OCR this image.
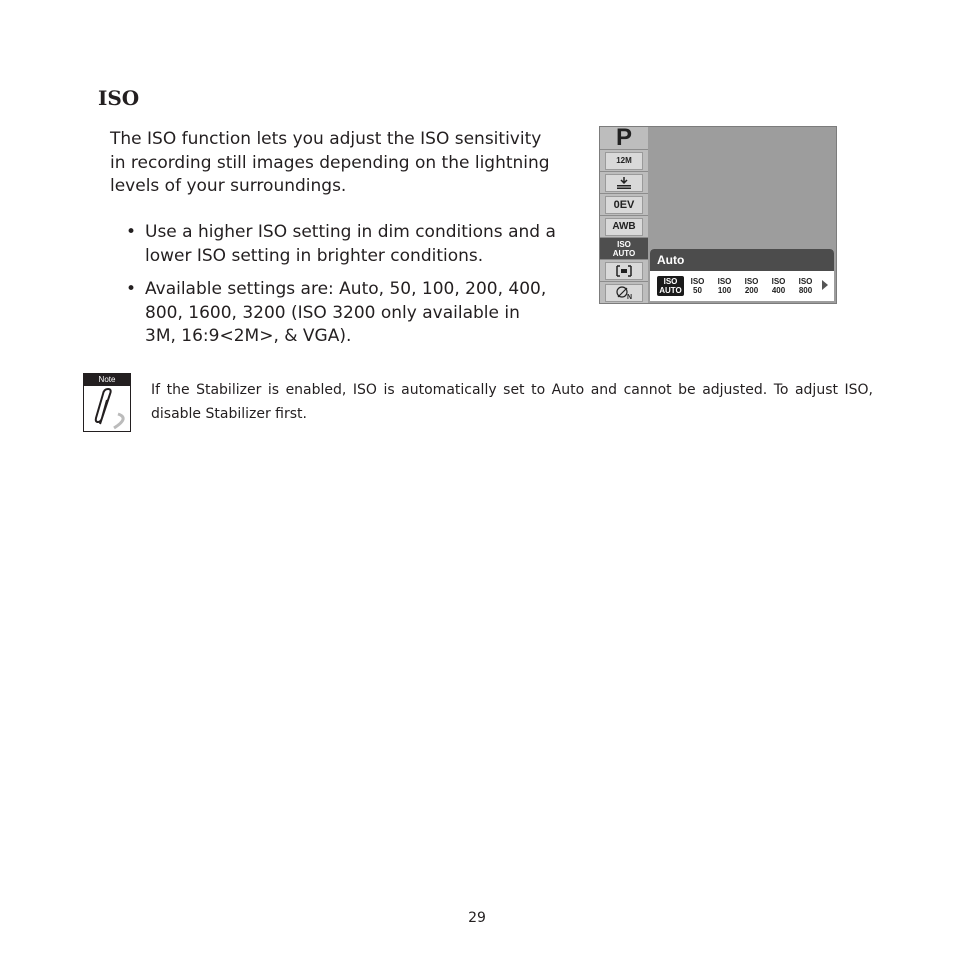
ISO

The ISO function lets you adjust the ISO sensitivity in recording still images depending on the lightning levels of your surroundings.

• Use a higher ISO setting in dim conditions and a lower ISO setting in brighter conditions.
• Available settings are: Auto, 50, 100, 200, 400, 800, 1600, 3200 (ISO 3200 only available in 3M, 16:9<2M>, & VGA).
P
12M
0EV
AWB
ISO
AUTO
N
Auto
ISO
AUTO
ISO
50
ISO
100
ISO
200
ISO
400
ISO
800
Note

If the Stabilizer is enabled, ISO is automatically set to Auto and cannot be adjusted. To adjust ISO, disable Stabilizer first.

29
